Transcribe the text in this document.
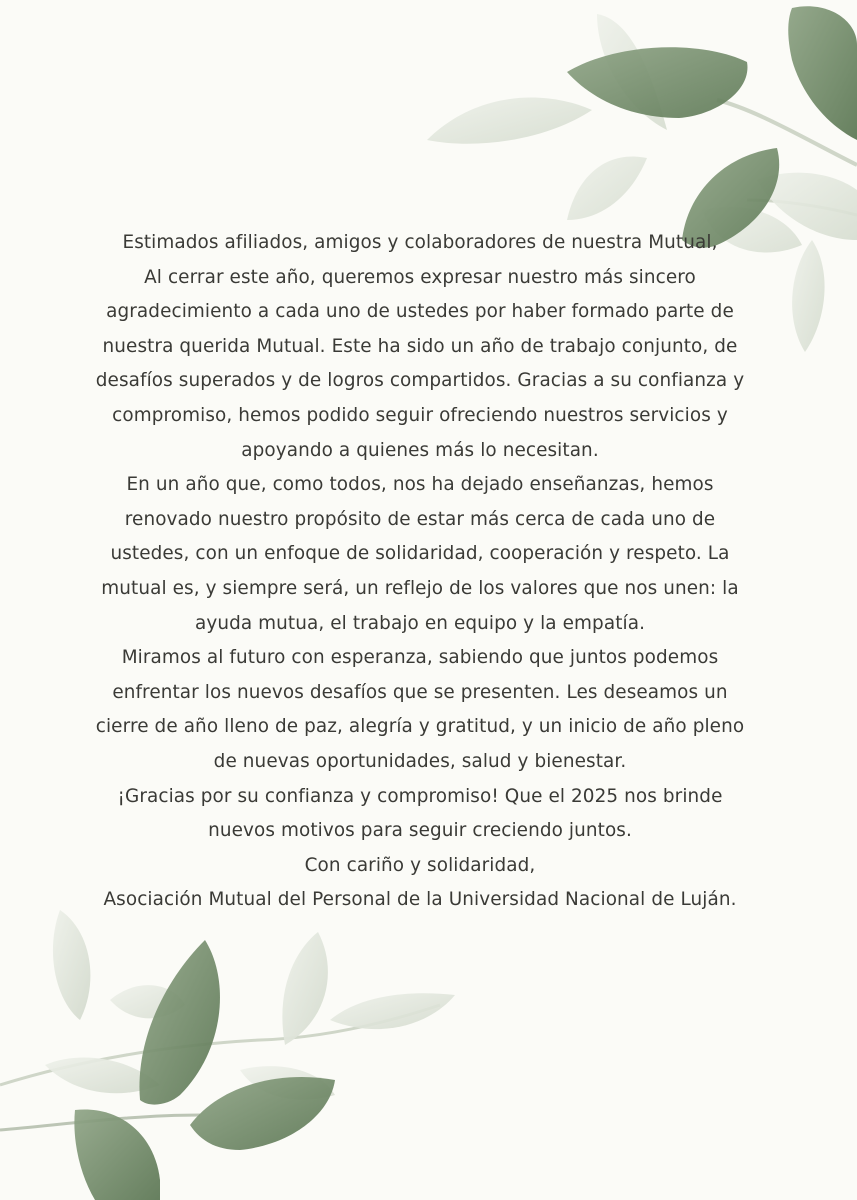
Estimados afiliados, amigos y colaboradores de nuestra Mutual,
Al cerrar este año, queremos expresar nuestro más sincero
agradecimiento a cada uno de ustedes por haber formado parte de
nuestra querida Mutual. Este ha sido un año de trabajo conjunto, de
desafíos superados y de logros compartidos. Gracias a su confianza y
compromiso, hemos podido seguir ofreciendo nuestros servicios y
apoyando a quienes más lo necesitan.
En un año que, como todos, nos ha dejado enseñanzas, hemos
renovado nuestro propósito de estar más cerca de cada uno de
ustedes, con un enfoque de solidaridad, cooperación y respeto. La
mutual es, y siempre será, un reflejo de los valores que nos unen: la
ayuda mutua, el trabajo en equipo y la empatía.
Miramos al futuro con esperanza, sabiendo que juntos podemos
enfrentar los nuevos desafíos que se presenten. Les deseamos un
cierre de año lleno de paz, alegría y gratitud, y un inicio de año pleno
de nuevas oportunidades, salud y bienestar.
¡Gracias por su confianza y compromiso! Que el 2025 nos brinde
nuevos motivos para seguir creciendo juntos.
Con cariño y solidaridad,
Asociación Mutual del Personal de la Universidad Nacional de Luján.
